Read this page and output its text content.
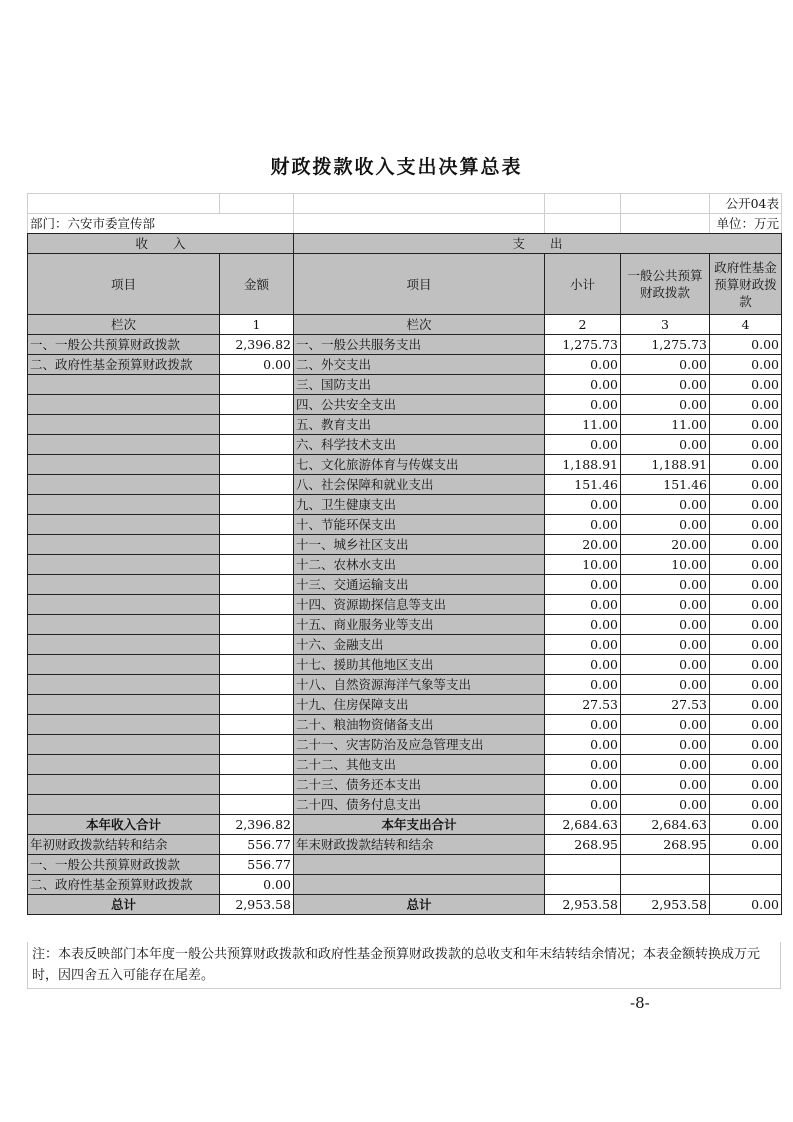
财政拨款收入支出决算总表
					公开04表
部门：六安市委宣传部					单位：万元
收　　入		支　　出			
项目	金额	项目	小计	一般公共预算财政拨款	政府性基金预算财政拨款
栏次	1	栏次	2	3	4
一、一般公共预算财政拨款	2,396.82	一、一般公共服务支出	1,275.73	1,275.73	0.00
二、政府性基金预算财政拨款	0.00	二、外交支出	0.00	0.00	0.00
		三、国防支出	0.00	0.00	0.00
		四、公共安全支出	0.00	0.00	0.00
		五、教育支出	11.00	11.00	0.00
		六、科学技术支出	0.00	0.00	0.00
		七、文化旅游体育与传媒支出	1,188.91	1,188.91	0.00
		八、社会保障和就业支出	151.46	151.46	0.00
		九、卫生健康支出	0.00	0.00	0.00
		十、节能环保支出	0.00	0.00	0.00
		十一、城乡社区支出	20.00	20.00	0.00
		十二、农林水支出	10.00	10.00	0.00
		十三、交通运输支出	0.00	0.00	0.00
		十四、资源勘探信息等支出	0.00	0.00	0.00
		十五、商业服务业等支出	0.00	0.00	0.00
		十六、金融支出	0.00	0.00	0.00
		十七、援助其他地区支出	0.00	0.00	0.00
		十八、自然资源海洋气象等支出	0.00	0.00	0.00
		十九、住房保障支出	27.53	27.53	0.00
		二十、粮油物资储备支出	0.00	0.00	0.00
		二十一、灾害防治及应急管理支出	0.00	0.00	0.00
		二十二、其他支出	0.00	0.00	0.00
		二十三、债务还本支出	0.00	0.00	0.00
		二十四、债务付息支出	0.00	0.00	0.00
本年收入合计	2,396.82	本年支出合计	2,684.63	2,684.63	0.00
年初财政拨款结转和结余	556.77	年末财政拨款结转和结余	268.95	268.95	0.00
一、一般公共预算财政拨款	556.77				
二、政府性基金预算财政拨款	0.00				
总计	2,953.58	总计	2,953.58	2,953.58	0.00
注：本表反映部门本年度一般公共预算财政拨款和政府性基金预算财政拨款的总收支和年末结转结余情况；本表金额转换成万元时，因四舍五入可能存在尾差。
-8-
